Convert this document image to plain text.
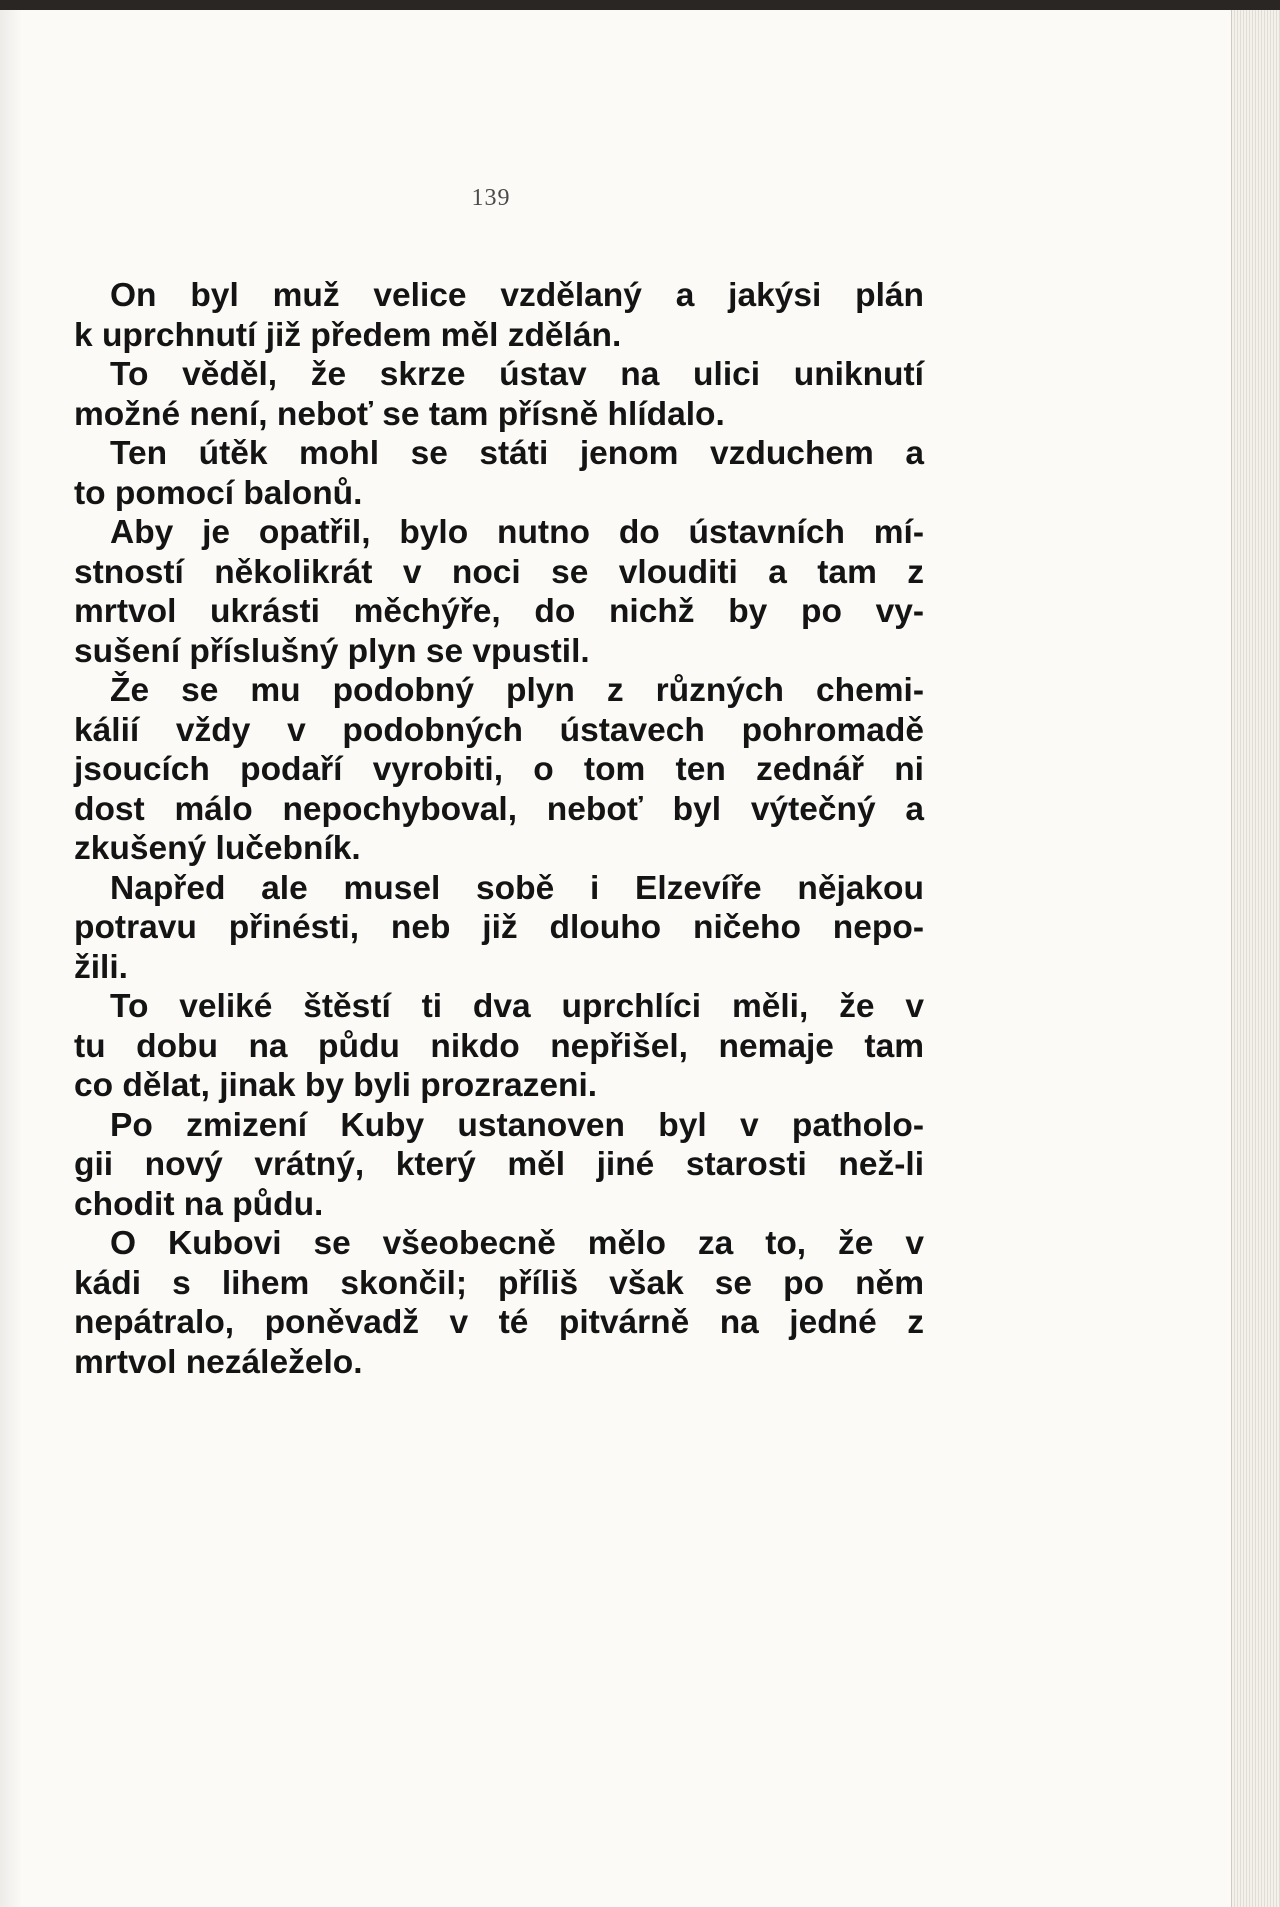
139
On byl muž velice vzdělaný a jakýsi plán
k uprchnutí již předem měl zdělán.
To věděl, že skrze ústav na ulici uniknutí
možné není, neboť se tam přísně hlídalo.
Ten útěk mohl se státi jenom vzduchem a
to pomocí balonů.
Aby je opatřil, bylo nutno do ústavních mí-
stností několikrát v noci se vlouditi a tam z
mrtvol ukrásti měchýře, do nichž by po vy-
sušení příslušný plyn se vpustil.
Že se mu podobný plyn z různých chemi-
kálií vždy v podobných ústavech pohromadě
jsoucích podaří vyrobiti, o tom ten zednář ni
dost málo nepochyboval, neboť byl výtečný a
zkušený lučebník.
Napřed ale musel sobě i Elzevíře nějakou
potravu přinésti, neb již dlouho ničeho nepo-
žili.
To veliké štěstí ti dva uprchlíci měli, že v
tu dobu na půdu nikdo nepřišel, nemaje tam
co dělat, jinak by byli prozrazeni.
Po zmizení Kuby ustanoven byl v patholo-
gii nový vrátný, který měl jiné starosti než-li
chodit na půdu.
O Kubovi se všeobecně mělo za to, že v
kádi s lihem skončil; příliš však se po něm
nepátralo, poněvadž v té pitvárně na jedné z
mrtvol nezáleželo.
